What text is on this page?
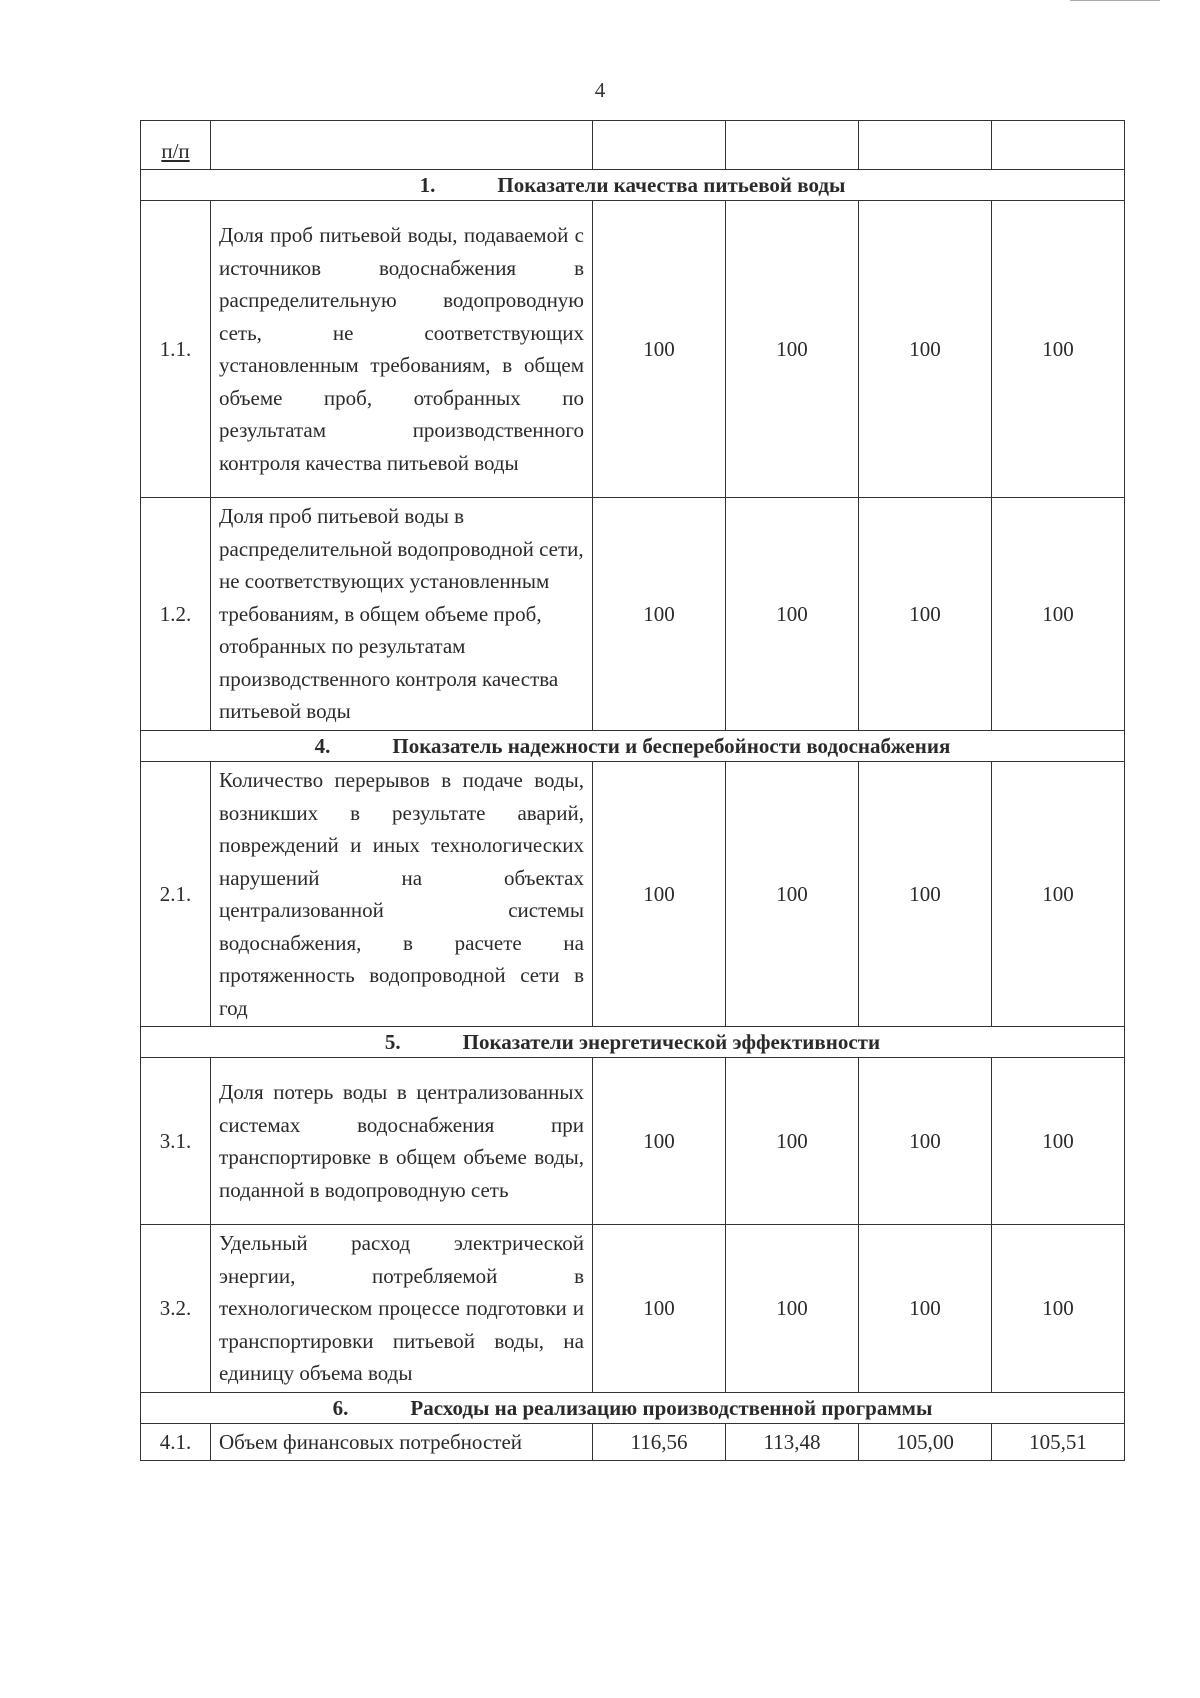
4
п/п					
1. Показатели качества питьевой воды					
1.1.	Доля проб питьевой воды, подаваемой с источников водоснабжения в распределительную водопроводную сеть, не соответствующих установленным требованиям, в общем объеме проб, отобранных по результатам производственного контроля качества питьевой воды	100	100	100	100
1.2.	Доля проб питьевой воды в распределительной водопроводной сети, не соответствующих установленным требованиям, в общем объеме проб, отобранных по результатам производственного контроля качества питьевой воды	100	100	100	100
4. Показатель надежности и бесперебойности водоснабжения					
2.1.	Количество перерывов в подаче воды, возникших в результате аварий, повреждений и иных технологических нарушений на объектах централизованной системы водоснабжения, в расчете на протяженность водопроводной сети в год	100	100	100	100
5. Показатели энергетической эффективности					
3.1.	Доля потерь воды в централизованных системах водоснабжения при транспортировке в общем объеме воды, поданной в водопроводную сеть	100	100	100	100
3.2.	Удельный расход электрической энергии, потребляемой в технологическом процессе подготовки и транспортировки питьевой воды, на единицу объема воды	100	100	100	100
6. Расходы на реализацию производственной программы					
4.1.	Объем финансовых потребностей	116,56	113,48	105,00	105,51
